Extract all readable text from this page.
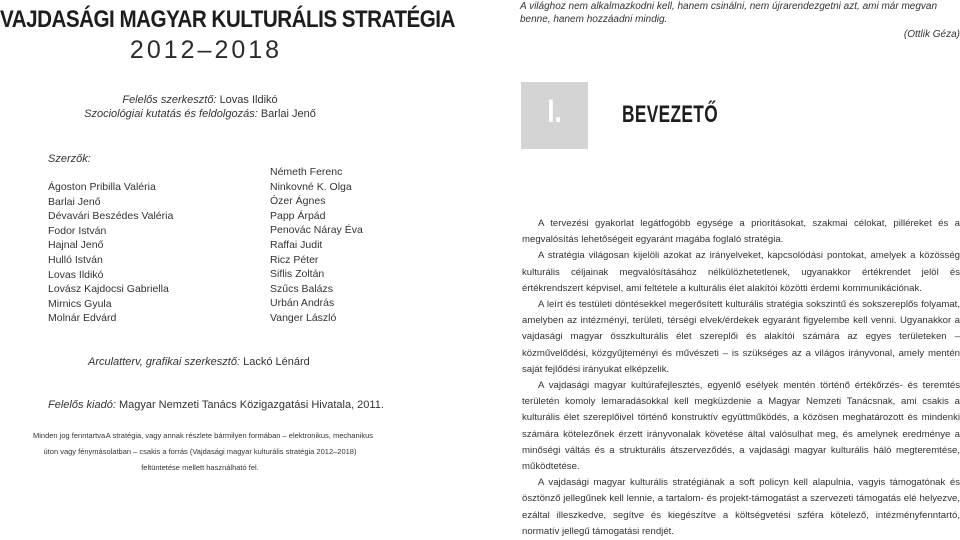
VAJDASÁGI MAGYAR KULTURÁLIS STRATÉGIA
2012–2018
Felelős szerkesztő: Lovas Ildikó
Szociológiai kutatás és feldolgozás: Barlai Jenő
Szerzők:
Ágoston Pribilla Valéria
Barlai Jenő
Dévavári Beszédes Valéria
Fodor István
Hajnal Jenő
Hulló István
Lovas Ildikó
Lovász Kajdocsi Gabriella
Mirnics Gyula
Molnár Edvárd
Németh Ferenc
Ninkovné K. Olga
Ózer Ágnes
Papp Árpád
Penovác Náray Éva
Raffai Judit
Ricz Péter
Siflis Zoltán
Szűcs Balázs
Urbán András
Vanger László
Arculatterv, grafikai szerkesztő: Lackó Lénárd
Felelős kiadó: Magyar Nemzeti Tanács Közigazgatási Hivatala, 2011.
Minden jog fenntartva.
A stratégia, vagy annak részlete bármilyen formában – elektronikus, mechanikus
úton vagy fénymásolatban – csakis a forrás (Vajdasági magyar kulturális stratégia 2012–2018)
feltüntetése mellett használható fel.
A világhoz nem alkalmazkodni kell, hanem csinálni, nem újrarendezgetni azt, ami már megvan benne, hanem hozzáadni mindig.
(Ottlik Géza)
I.	BEVEZETŐ

A tervezési gyakorlat legátfogóbb egysége a prioritásokat, szakmai célokat, pilléreket és a megvalósítás lehetőségeit egyaránt magába foglaló stratégia.

A stratégia világosan kijelöli azokat az irányelveket, kapcsolódási pontokat, amelyek a közösség kulturális céljainak megvalósításához nélkülözhetetlenek, ugyanakkor értékrendet jelöl és értékrendszert képvisel, ami feltétele a kulturális élet alakítói közötti érdemi kommunikációnak.

A leírt és testületi döntésekkel megerősített kulturális stratégia sokszintű és sokszereplős folyamat, amelyben az intézményi, területi, térségi elvek/érdekek egyaránt figyelembe kell venni. Ugyanakkor a vajdasági magyar összkulturális élet szereplői és alakítói számára az egyes területeken – közművelődési, közgyűjteményi és művészeti – is szükséges az a világos irányvonal, amely mentén saját fejlődési irányukat elképzelik.

A vajdasági magyar kultúrafejlesztés, egyenlő esélyek mentén történő értékőrzés- és teremtés területén komoly lemaradásokkal kell megküzdenie a Magyar Nemzeti Tanácsnak, ami csakis a kulturális élet szereplőivel történő konstruktív együttműködés, a közösen meghatározott és mindenki számára kötelezőnek érzett irányvonalak követése által valósulhat meg, és amelynek eredménye a minőségi váltás és a strukturális átszerveződés, a vajdasági magyar kulturális háló megteremtése, működtetése.

A vajdasági magyar kulturális stratégiának a soft policyn kell alapulnia, vagyis támogatónak és ösztönző jellegűnek kell lennie, a tartalom- és projekt-támogatást a szervezeti támogatás elé helyezve, ezáltal illeszkedve, segítve és kiegészítve a költségvetési szféra kötelező, intézményfenntartó, normatív jellegű támogatási rendjét.
